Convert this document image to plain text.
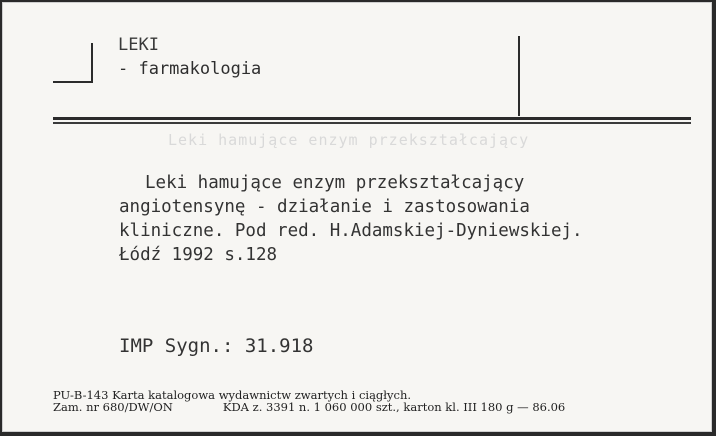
Leki hamujące enzym przekształcający
LEKI
- farmakologia
Leki hamujące enzym przekształcający
angiotensynę - działanie i zastosowania
kliniczne. Pod red. H.Adamskiej-Dyniewskiej.
Łódź 1992 s.128
IMP Sygn.: 31.918
PU-B-143 Karta katalogowa wydawnictw zwartych i ciągłych.
Zam. nr 680/DW/ON	KDA z. 3391 n. 1 060 000 szt., karton kl. III 180 g — 86.06
